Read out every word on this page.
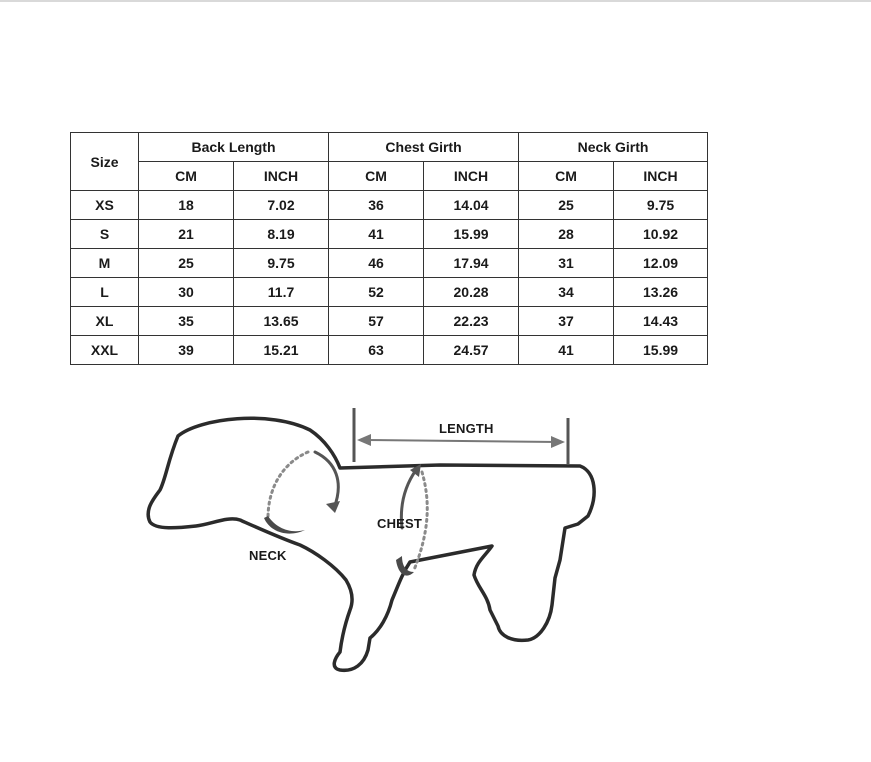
Size	Back Length		Chest Girth		Neck Girth	
	CM	INCH	CM	INCH	CM	INCH
XS	18	7.02	36	14.04	25	9.75
S	21	8.19	41	15.99	28	10.92
M	25	9.75	46	17.94	31	12.09
L	30	11.7	52	20.28	34	13.26
XL	35	13.65	57	22.23	37	14.43
XXL	39	15.21	63	24.57	41	15.99
LENGTH
CHEST
NECK
